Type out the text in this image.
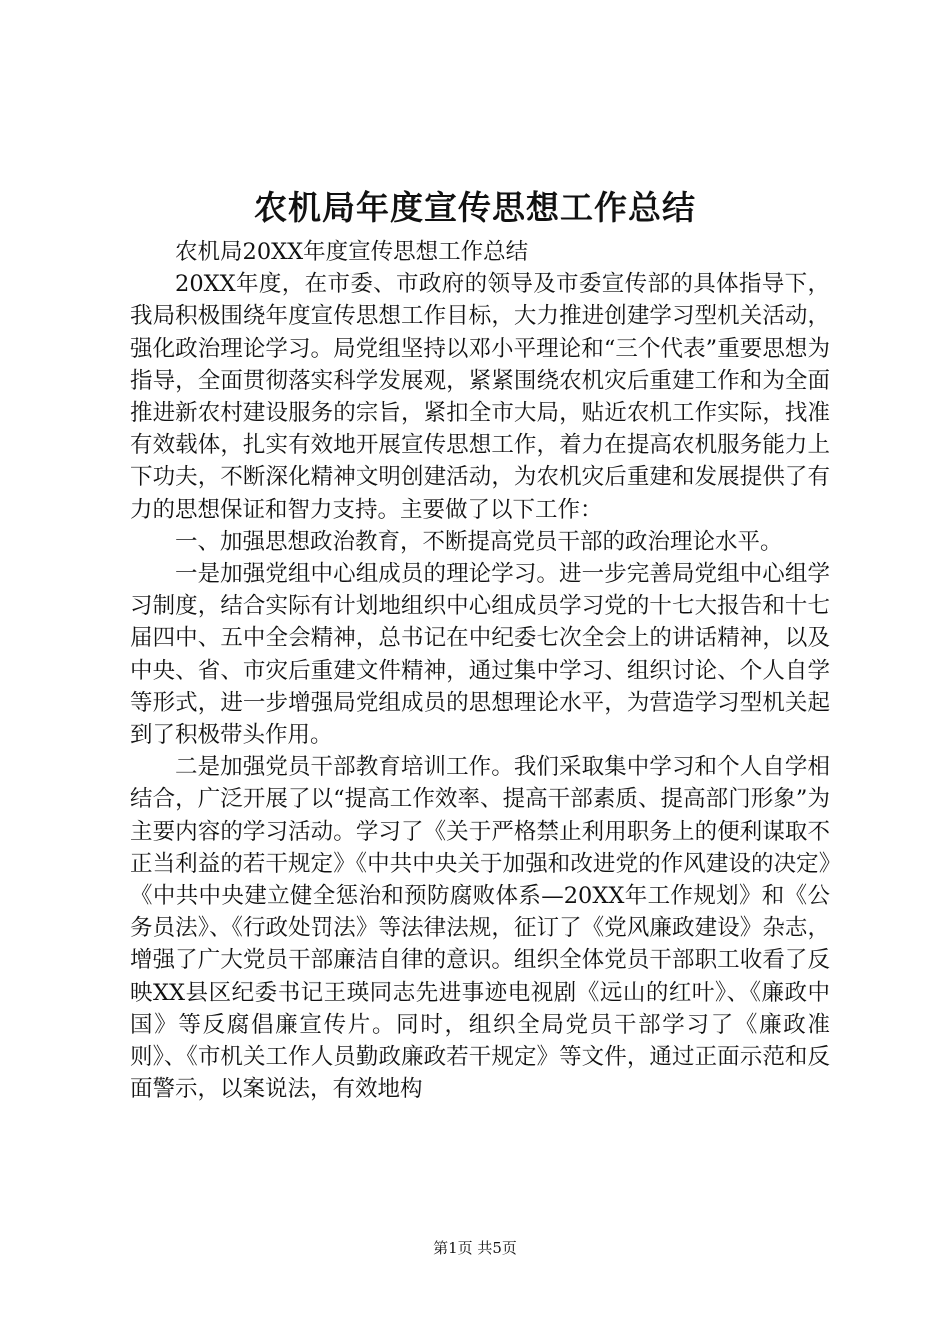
农机局年度宣传思想工作总结

农机局20XX年度宣传思想工作总结

20XX年度，在市委、市政府的领导及市委宣传部的具体指导下，我局积极围绕年度宣传思想工作目标，大力推进创建学习型机关活动，强化政治理论学习。局党组坚持以邓小平理论和“三个代表”重要思想为指导，全面贯彻落实科学发展观，紧紧围绕农机灾后重建工作和为全面推进新农村建设服务的宗旨，紧扣全市大局，贴近农机工作实际，找准有效载体，扎实有效地开展宣传思想工作，着力在提高农机服务能力上下功夫，不断深化精神文明创建活动，为农机灾后重建和发展提供了有力的思想保证和智力支持。主要做了以下工作：

一、加强思想政治教育，不断提高党员干部的政治理论水平。

一是加强党组中心组成员的理论学习。进一步完善局党组中心组学习制度，结合实际有计划地组织中心组成员学习党的十七大报告和十七届四中、五中全会精神，总书记在中纪委七次全会上的讲话精神，以及中央、省、市灾后重建文件精神，通过集中学习、组织讨论、个人自学等形式，进一步增强局党组成员的思想理论水平，为营造学习型机关起到了积极带头作用。

二是加强党员干部教育培训工作。我们采取集中学习和个人自学相结合，广泛开展了以“提高工作效率、提高干部素质、提高部门形象”为主要内容的学习活动。学习了《关于严格禁止利用职务上的便利谋取不正当利益的若干规定》《中共中央关于加强和改进党的作风建设的决定》《中共中央建立健全惩治和预防腐败体系—20XX年工作规划》和《公务员法》、《行政处罚法》等法律法规，征订了《党风廉政建设》杂志，增强了广大党员干部廉洁自律的意识。组织全体党员干部职工收看了反映XX县区纪委书记王瑛同志先进事迹电视剧《远山的红叶》、《廉政中国》等反腐倡廉宣传片。同时，组织全局党员干部学习了《廉政准则》、《市机关工作人员勤政廉政若干规定》等文件，通过正面示范和反面警示，以案说法，有效地构

第1页 共5页
